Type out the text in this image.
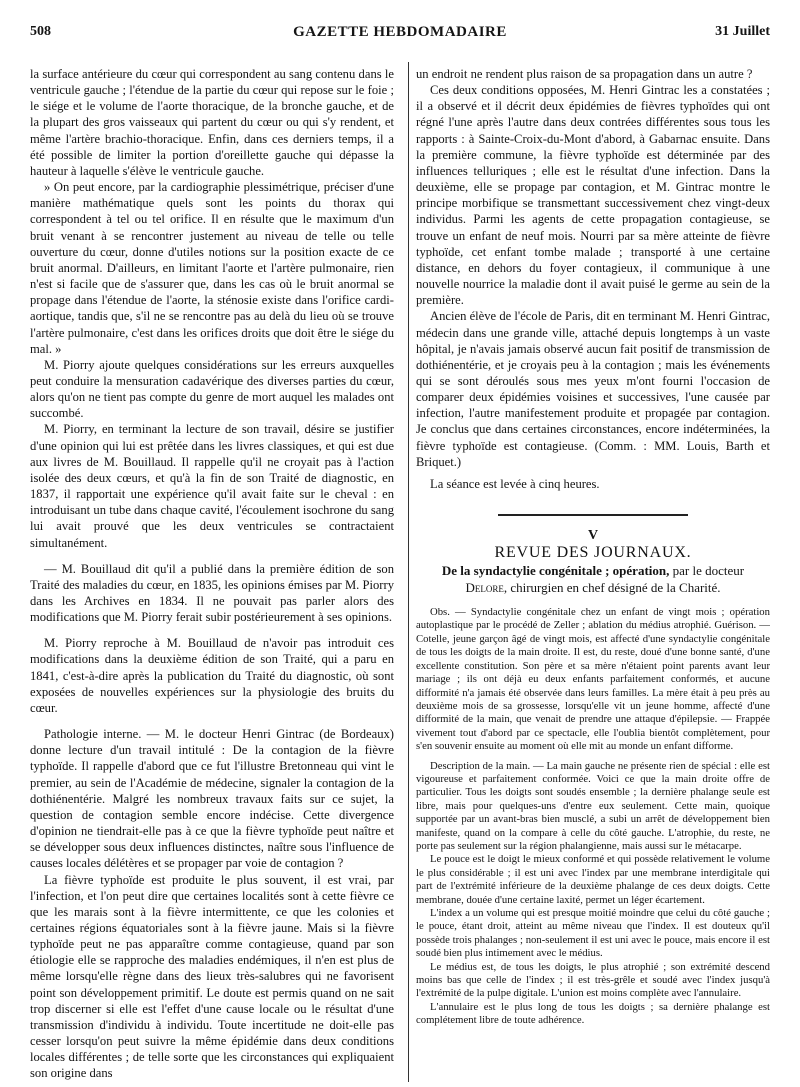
508	GAZETTE HEBDOMADAIRE	31 Juillet

la surface antérieure du cœur qui correspondent au sang contenu dans le ventricule gauche ; l'étendue de la partie du cœur qui repose sur le foie ; le siége et le volume de l'aorte thoracique, de la bronche gauche, et de la plupart des gros vaisseaux qui partent du cœur ou qui s'y rendent, et même l'artère brachio-thoracique. Enfin, dans ces derniers temps, il a été possible de limiter la portion d'oreillette gauche qui dépasse la hauteur à laquelle s'élève le ventricule gauche.

» On peut encore, par la cardiographie plessimétrique, préciser d'une manière mathématique quels sont les points du thorax qui correspondent à tel ou tel orifice. Il en résulte que le maximum d'un bruit venant à se rencontrer justement au niveau de telle ou telle ouverture du cœur, donne d'utiles notions sur la position exacte de ce bruit anormal. D'ailleurs, en limitant l'aorte et l'artère pulmonaire, rien n'est si facile que de s'assurer que, dans les cas où le bruit anormal se propage dans l'étendue de l'aorte, la sténosie existe dans l'orifice cardi-aortique, tandis que, s'il ne se rencontre pas au delà du lieu où se trouve l'artère pulmonaire, c'est dans les orifices droits que doit être le siége du mal. »

M. Piorry ajoute quelques considérations sur les erreurs auxquelles peut conduire la mensuration cadavérique des diverses parties du cœur, alors qu'on ne tient pas compte du genre de mort auquel les malades ont succombé.

M. Piorry, en terminant la lecture de son travail, désire se justifier d'une opinion qui lui est prêtée dans les livres classiques, et qui est due aux livres de M. Bouillaud. Il rappelle qu'il ne croyait pas à l'action isolée des deux cœurs, et qu'à la fin de son Traité de diagnostic, en 1837, il rapportait une expérience qu'il avait faite sur le cheval : en introduisant un tube dans chaque cavité, l'écoulement isochrone du sang lui avait prouvé que les deux ventricules se contractaient simultanément.

— M. Bouillaud dit qu'il a publié dans la première édition de son Traité des maladies du cœur, en 1835, les opinions émises par M. Piorry dans les Archives en 1834. Il ne pouvait pas parler alors des modifications que M. Piorry ferait subir postérieurement à ses opinions.

M. Piorry reproche à M. Bouillaud de n'avoir pas introduit ces modifications dans la deuxième édition de son Traité, qui a paru en 1841, c'est-à-dire après la publication du Traité du diagnostic, où sont exposées de nouvelles expériences sur la physiologie des bruits du cœur.

Pathologie interne. — M. le docteur Henri Gintrac (de Bordeaux) donne lecture d'un travail intitulé : De la contagion de la fièvre typhoïde. Il rappelle d'abord que ce fut l'illustre Bretonneau qui vint le premier, au sein de l'Académie de médecine, signaler la contagion de la dothiénentérie. Malgré les nombreux travaux faits sur ce sujet, la question de contagion semble encore indécise. Cette divergence d'opinion ne tiendrait-elle pas à ce que la fièvre typhoïde peut naître et se développer sous deux influences distinctes, naître sous l'influence de causes locales délétères et se propager par voie de contagion ?

La fièvre typhoïde est produite le plus souvent, il est vrai, par l'infection, et l'on peut dire que certaines localités sont à cette fièvre ce que les marais sont à la fièvre intermittente, ce que les colonies et certaines régions équatoriales sont à la fièvre jaune. Mais si la fièvre typhoïde peut ne pas apparaître comme contagieuse, quand par son étiologie elle se rapproche des maladies endémiques, il n'en est plus de même lorsqu'elle règne dans des lieux très-salubres qui ne favorisent point son développement primitif. Le doute est permis quand on ne sait trop discerner si elle est l'effet d'une cause locale ou le résultat d'une transmission d'individu à individu. Toute incertitude ne doit-elle pas cesser lorsqu'on peut suivre la même épidémie dans deux conditions locales différentes ; de telle sorte que les circonstances qui expliquaient son origine dans

un endroit ne rendent plus raison de sa propagation dans un autre ?

Ces deux conditions opposées, M. Henri Gintrac les a constatées ; il a observé et il décrit deux épidémies de fièvres typhoïdes qui ont régné l'une après l'autre dans deux contrées différentes sous tous les rapports : à Sainte-Croix-du-Mont d'abord, à Gabarnac ensuite. Dans la première commune, la fièvre typhoïde est déterminée par des influences telluriques ; elle est le résultat d'une infection. Dans la deuxième, elle se propage par contagion, et M. Gintrac montre le principe morbifique se transmettant successivement chez vingt-deux individus. Parmi les agents de cette propagation contagieuse, se trouve un enfant de neuf mois. Nourri par sa mère atteinte de fièvre typhoïde, cet enfant tombe malade ; transporté à une certaine distance, en dehors du foyer contagieux, il communique à une nouvelle nourrice la maladie dont il avait puisé le germe au sein de la première.

Ancien élève de l'école de Paris, dit en terminant M. Henri Gintrac, médecin dans une grande ville, attaché depuis longtemps à un vaste hôpital, je n'avais jamais observé aucun fait positif de transmission de dothiénentérie, et je croyais peu à la contagion ; mais les événements qui se sont déroulés sous mes yeux m'ont fourni l'occasion de comparer deux épidémies voisines et successives, l'une causée par infection, l'autre manifestement produite et propagée par contagion. Je conclus que dans certaines circonstances, encore indéterminées, la fièvre typhoïde est contagieuse. (Comm. : MM. Louis, Barth et Briquet.)

La séance est levée à cinq heures.

V

REVUE DES JOURNAUX.

De la syndactylie congénitale ; opération, par le docteur
Delore, chirurgien en chef désigné de la Charité.

Obs. — Syndactylie congénitale chez un enfant de vingt mois ; opération autoplastique par le procédé de Zeller ; ablation du médius atrophié. Guérison. — Cotelle, jeune garçon âgé de vingt mois, est affecté d'une syndactylie congénitale de tous les doigts de la main droite. Il est, du reste, doué d'une bonne santé, d'une excellente constitution. Son père et sa mère n'étaient point parents avant leur mariage ; ils ont déjà eu deux enfants parfaitement conformés, et aucune difformité n'a jamais été observée dans leurs familles. La mère était à peu près au deuxième mois de sa grossesse, lorsqu'elle vit un jeune homme, affecté d'une difformité de la main, que venait de prendre une attaque d'épilepsie. — Frappée vivement tout d'abord par ce spectacle, elle l'oublia bientôt complètement, pour s'en souvenir ensuite au moment où elle mit au monde un enfant difforme.

Description de la main. — La main gauche ne présente rien de spécial : elle est vigoureuse et parfaitement conformée. Voici ce que la main droite offre de particulier. Tous les doigts sont soudés ensemble ; la dernière phalange seule est libre, mais pour quelques-uns d'entre eux seulement. Cette main, quoique supportée par un avant-bras bien musclé, a subi un arrêt de développement bien manifeste, quand on la compare à celle du côté gauche. L'atrophie, du reste, ne porte pas seulement sur la région phalangienne, mais aussi sur le métacarpe.

Le pouce est le doigt le mieux conformé et qui possède relativement le volume le plus considérable ; il est uni avec l'index par une membrane interdigitale qui part de l'extrémité inférieure de la deuxième phalange de ces deux doigts. Cette membrane, douée d'une certaine laxité, permet un léger écartement.

L'index a un volume qui est presque moitié moindre que celui du côté gauche ; le pouce, étant droit, atteint au même niveau que l'index. Il est douteux qu'il possède trois phalanges ; non-seulement il est uni avec le pouce, mais encore il est soudé bien plus intimement avec le médius.

Le médius est, de tous les doigts, le plus atrophié ; son extrémité descend moins bas que celle de l'index ; il est très-grêle et soudé avec l'index jusqu'à l'extrémité de la pulpe digitale. L'union est moins complète avec l'annulaire.

L'annulaire est le plus long de tous les doigts ; sa dernière phalange est complétement libre de toute adhérence.
